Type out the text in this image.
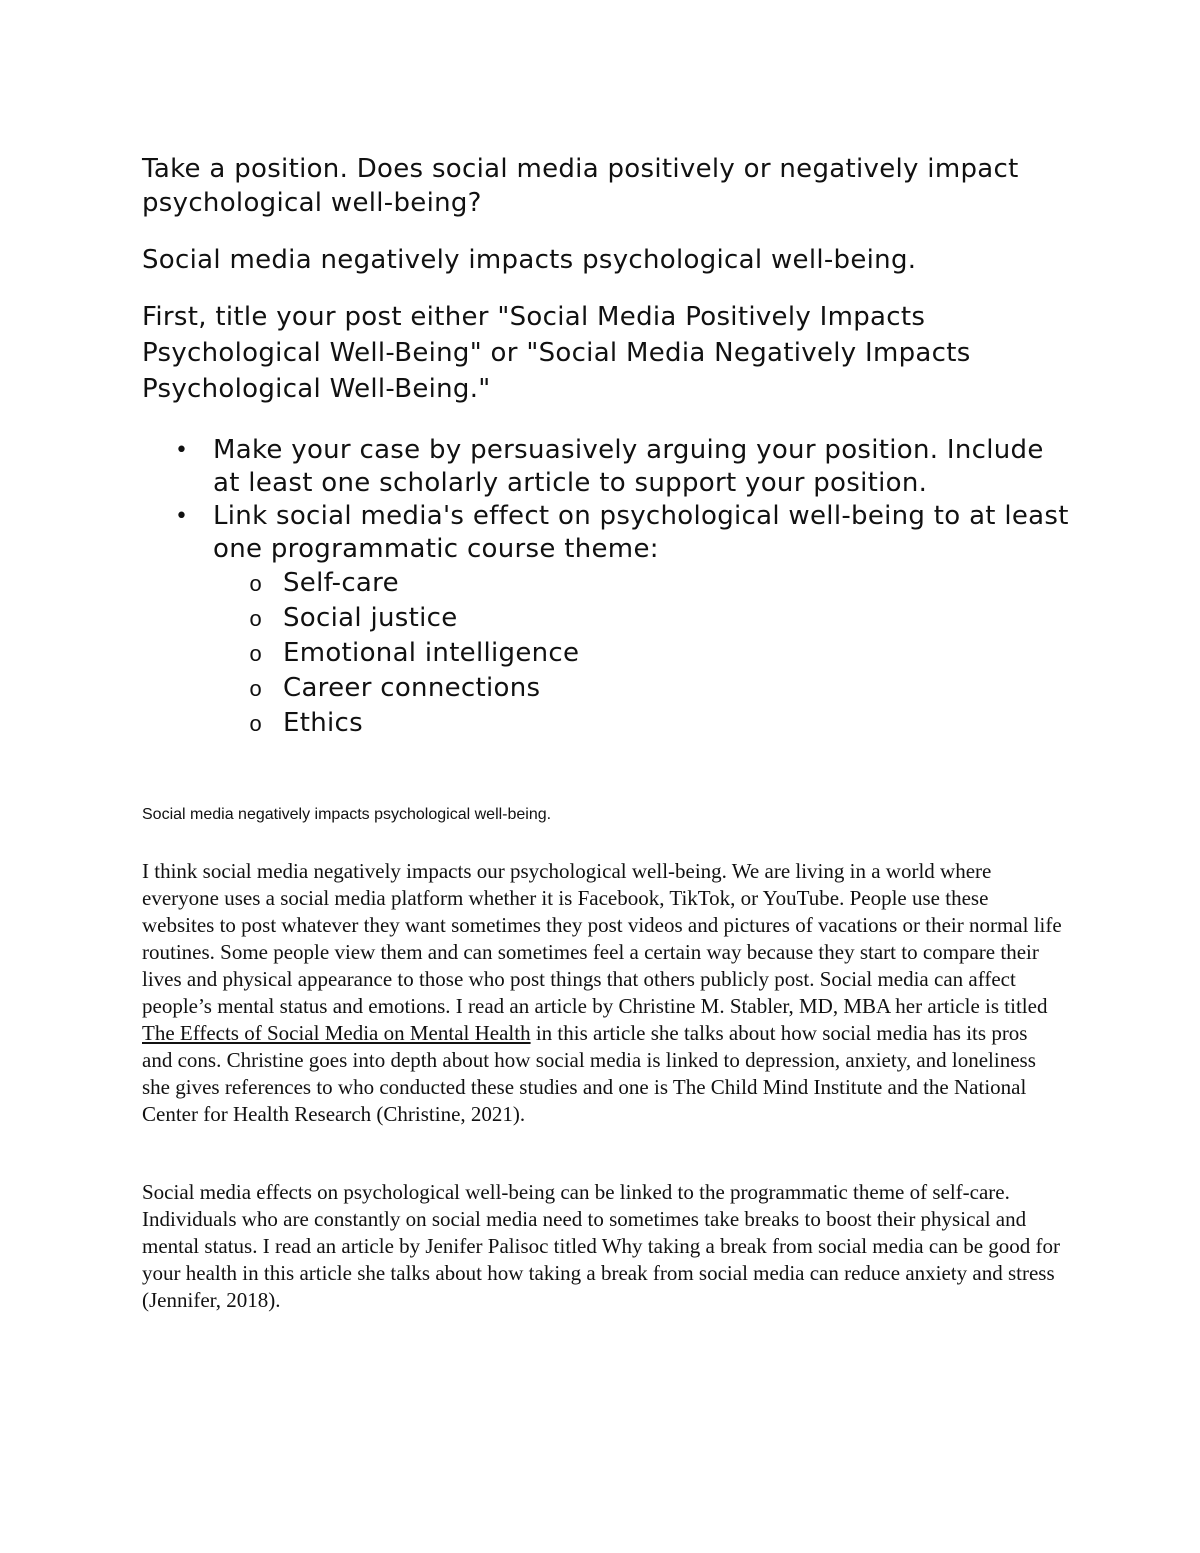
Take a position. Does social media positively or negatively impact psychological well-being?

Social media negatively impacts psychological well-being.

First, title your post either "Social Media Positively Impacts Psychological Well-Being" or "Social Media Negatively Impacts Psychological Well-Being."

• Make your case by persuasively arguing your position. Include at least one scholarly article to support your position.
• Link social media's effect on psychological well-being to at least one programmatic course theme:
o Self-care
o Social justice
o Emotional intelligence
o Career connections
o Ethics

Social media negatively impacts psychological well-being.

I think social media negatively impacts our psychological well-being. We are living in a world where everyone uses a social media platform whether it is Facebook, TikTok, or YouTube. People use these websites to post whatever they want sometimes they post videos and pictures of vacations or their normal life routines. Some people view them and can sometimes feel a certain way because they start to compare their lives and physical appearance to those who post things that others publicly post. Social media can affect people’s mental status and emotions. I read an article by Christine M. Stabler, MD, MBA her article is titled The Effects of Social Media on Mental Health in this article she talks about how social media has its pros and cons. Christine goes into depth about how social media is linked to depression, anxiety, and loneliness she gives references to who conducted these studies and one is The Child Mind Institute and the National Center for Health Research (Christine, 2021).

Social media effects on psychological well-being can be linked to the programmatic theme of self-care. Individuals who are constantly on social media need to sometimes take breaks to boost their physical and mental status. I read an article by Jenifer Palisoc titled Why taking a break from social media can be good for your health in this article she talks about how taking a break from social media can reduce anxiety and stress (Jennifer, 2018).
